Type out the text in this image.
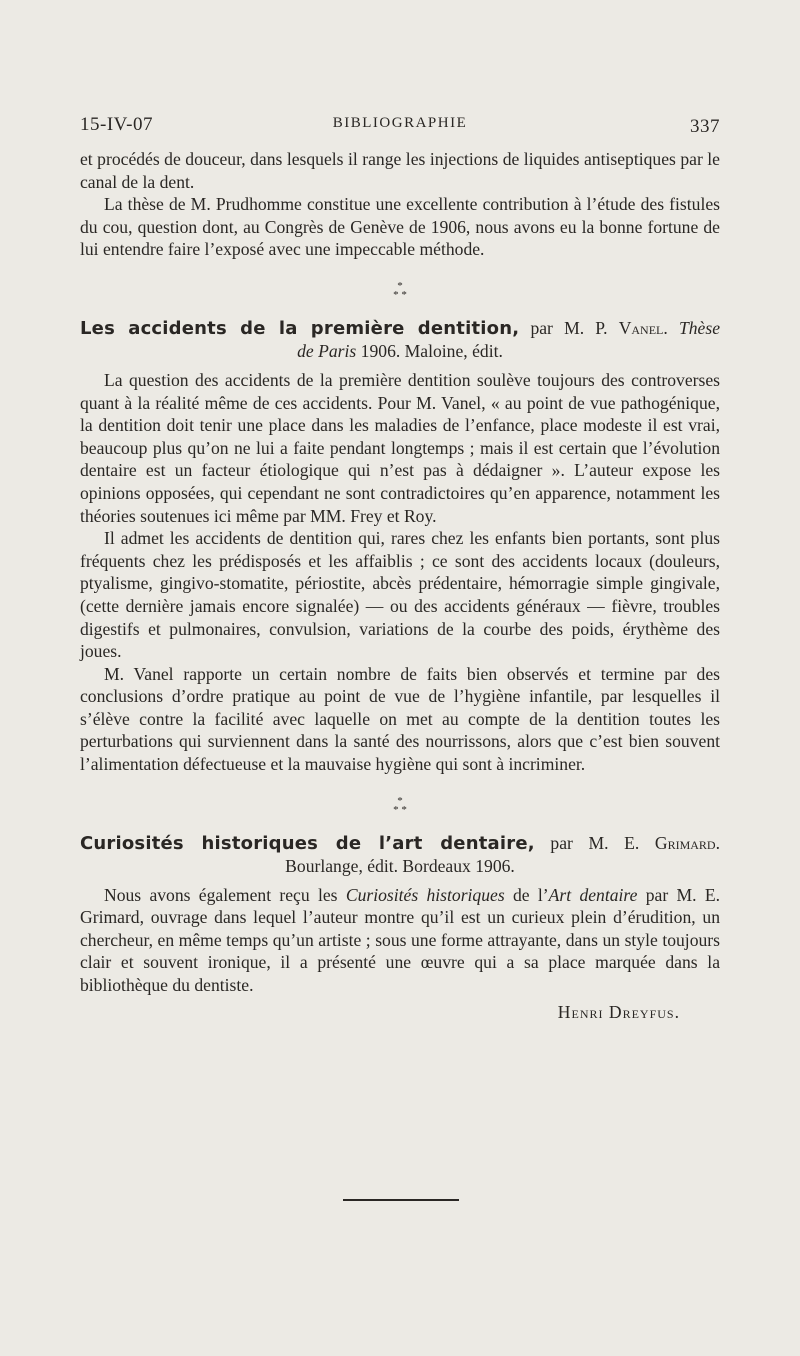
15-IV-07	BIBLIOGRAPHIE	337

et procédés de douceur, dans lesquels il range les injections de liquides antiseptiques par le canal de la dent.

La thèse de M. Prudhomme constitue une excellente contribution à l’étude des fistules du cou, question dont, au Congrès de Genève de 1906, nous avons eu la bonne fortune de lui entendre faire l’exposé avec une impeccable méthode.

*
* *
Les accidents de la première dentition, par M. P. Vanel. Thèse
de Paris 1906. Maloine, édit.

La question des accidents de la première dentition soulève toujours des controverses quant à la réalité même de ces accidents. Pour M. Vanel, « au point de vue pathogénique, la dentition doit tenir une place dans les maladies de l’enfance, place modeste il est vrai, beaucoup plus qu’on ne lui a faite pendant longtemps ; mais il est certain que l’évolution dentaire est un facteur étiologique qui n’est pas à dédaigner ». L’auteur expose les opinions opposées, qui cependant ne sont contradictoires qu’en apparence, notamment les théories soutenues ici même par MM. Frey et Roy.

Il admet les accidents de dentition qui, rares chez les enfants bien portants, sont plus fréquents chez les prédisposés et les affaiblis ; ce sont des accidents locaux (douleurs, ptyalisme, gingivo-stomatite, périostite, abcès prédentaire, hémorragie simple gingivale, (cette dernière jamais encore signalée) — ou des accidents généraux — fièvre, troubles digestifs et pulmonaires, convulsion, variations de la courbe des poids, érythème des joues.

M. Vanel rapporte un certain nombre de faits bien observés et termine par des conclusions d’ordre pratique au point de vue de l’hygiène infantile, par lesquelles il s’élève contre la facilité avec laquelle on met au compte de la dentition toutes les perturbations qui surviennent dans la santé des nourrissons, alors que c’est bien souvent l’alimentation défectueuse et la mauvaise hygiène qui sont à incriminer.

*
* *
Curiosités historiques de l’art dentaire, par M. E. Grimard.
Bourlange, édit. Bordeaux 1906.

Nous avons également reçu les Curiosités historiques de l’Art dentaire par M. E. Grimard, ouvrage dans lequel l’auteur montre qu’il est un curieux plein d’érudition, un chercheur, en même temps qu’un artiste ; sous une forme attrayante, dans un style toujours clair et souvent ironique, il a présenté une œuvre qui a sa place marquée dans la bibliothèque du dentiste.

Henri Dreyfus.
